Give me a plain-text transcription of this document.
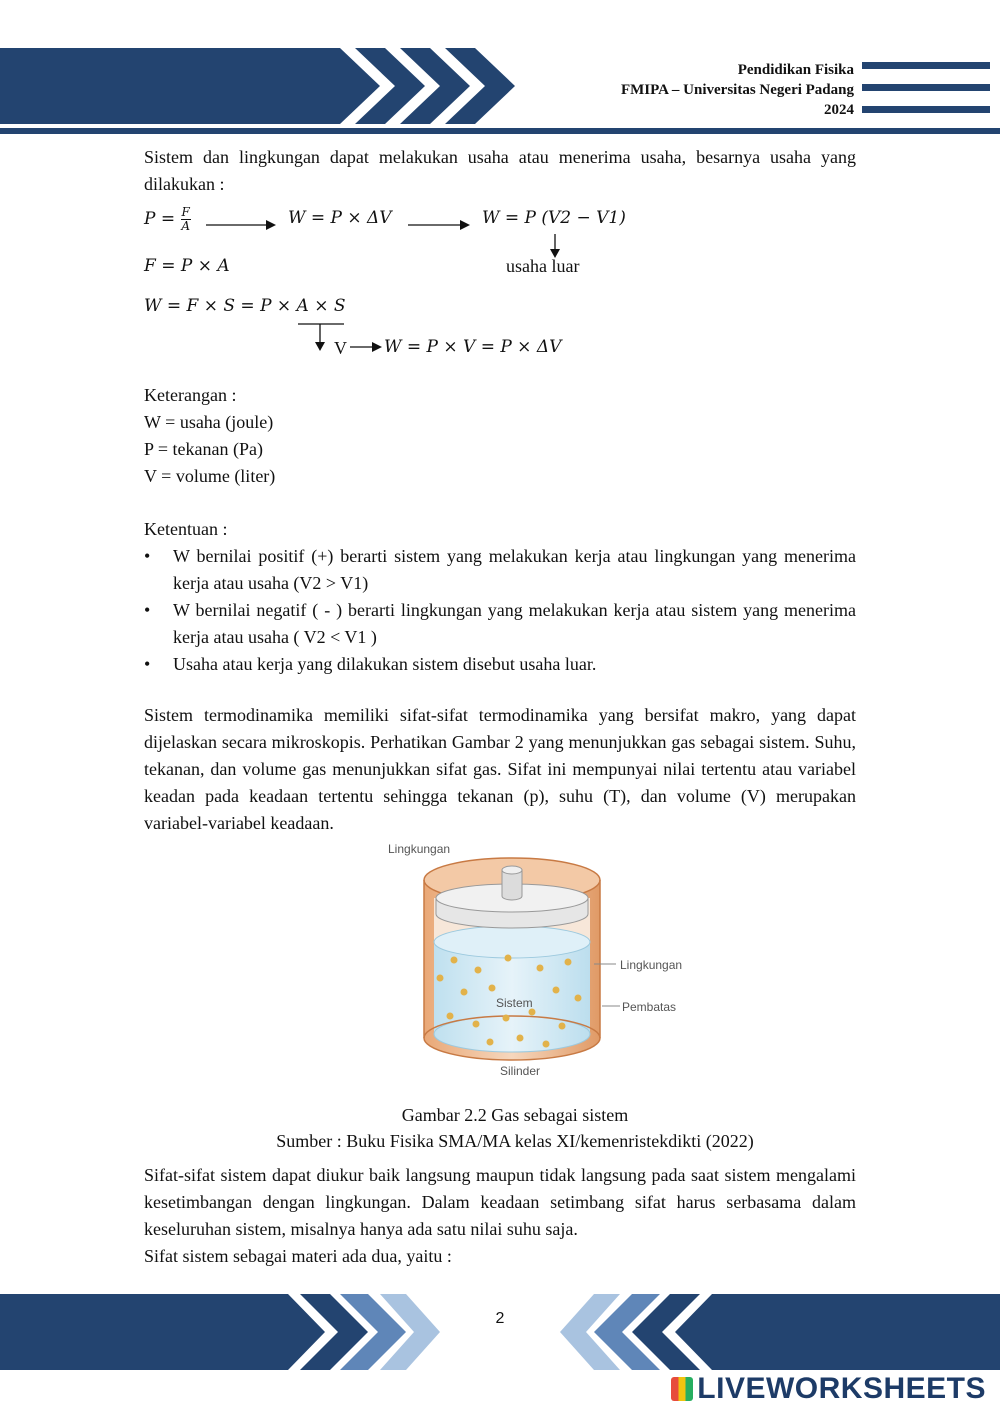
Pendidikan Fisika
FMIPA – Universitas Negeri Padang
2024
Sistem dan lingkungan dapat melakukan usaha atau menerima usaha, besarnya usaha yang dilakukan :
$P = \frac{F}{A}$	W = P × ΔV	W = P (V2 − V1)
usaha luar
F = P × A
W = F × S = P × A × S
V W = P × V = P × ΔV
Keterangan :
W = usaha (joule)
P = tekanan (Pa)
V = volume (liter)
Ketentuan :
• W bernilai positif (+) berarti sistem yang melakukan kerja atau lingkungan yang menerima kerja atau usaha (V2 > V1)
• W bernilai negatif ( - ) berarti lingkungan yang melakukan kerja atau sistem yang menerima kerja atau usaha ( V2 < V1 )
• Usaha atau kerja yang dilakukan sistem disebut usaha luar.
Sistem termodinamika memiliki sifat-sifat termodinamika yang bersifat makro, yang dapat dijelaskan secara mikroskopis. Perhatikan Gambar 2 yang menunjukkan gas sebagai sistem. Suhu, tekanan, dan volume gas menunjukkan sifat gas. Sifat ini mempunyai nilai tertentu atau variabel keadan pada keadaan tertentu sehingga tekanan (p), suhu (T), dan volume (V) merupakan variabel-variabel keadaan.
Lingkungan
Lingkungan
Pembatas
Sistem
Silinder
Gambar 2.2 Gas sebagai sistem
Sumber : Buku Fisika SMA/MA kelas XI/kemenristekdikti (2022)
Sifat-sifat sistem dapat diukur baik langsung maupun tidak langsung pada saat sistem mengalami kesetimbangan dengan lingkungan. Dalam keadaan setimbang sifat harus serbasama dalam keseluruhan sistem, misalnya hanya ada satu nilai suhu saja.
Sifat sistem sebagai materi ada dua, yaitu :
2
LIVEWORKSHEETS
